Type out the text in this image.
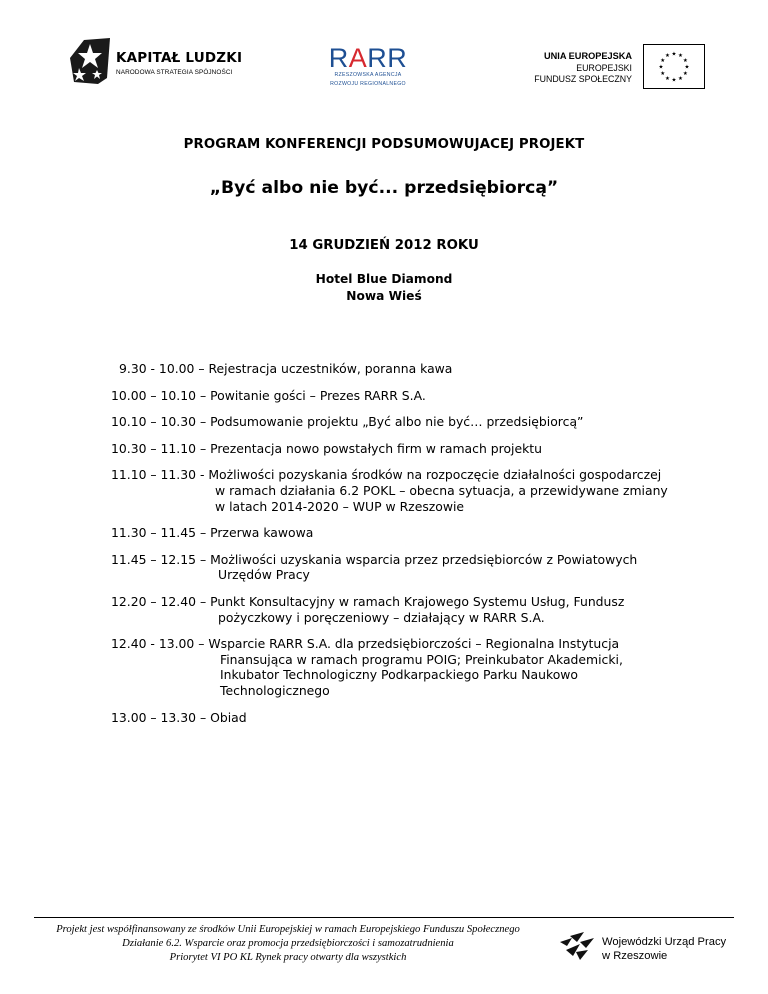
KAPITAŁ LUDZKI
NARODOWA STRATEGIA SPÓJNOŚCI	RARR
RZESZOWSKA AGENCJA
ROZWOJU REGIONALNEGO
UNIA EUROPEJSKA
EUROPEJSKI
FUNDUSZ SPOŁECZNY
★ ★
★
★
★
★
★
★
★
★
★
★
PROGRAM KONFERENCJI PODSUMOWUJACEJ PROJEKT
„Być albo nie być... przedsiębiorcą”
14 GRUDZIEŃ 2012 ROKU
Hotel Blue Diamond
Nowa Wieś
9.30 - 10.00 – Rejestracja uczestników, poranna kawa
10.00 – 10.10 – Powitanie gości – Prezes RARR S.A.
10.10 – 10.30 – Podsumowanie projektu „Być albo nie być… przedsiębiorcą”
10.30 – 11.10 – Prezentacja nowo powstałych firm w ramach projektu
11.10 – 11.30 - Możliwości pozyskania środków na rozpoczęcie działalności gospodarczej
w ramach działania 6.2 POKL – obecna sytuacja, a przewidywane zmiany
w latach 2014-2020 – WUP w Rzeszowie
11.30 – 11.45 – Przerwa kawowa
11.45 – 12.15 – Możliwości uzyskania wsparcia przez przedsiębiorców z Powiatowych
Urzędów Pracy
12.20 – 12.40 – Punkt Konsultacyjny w ramach Krajowego Systemu Usług, Fundusz
pożyczkowy i poręczeniowy – działający w RARR S.A.
12.40 - 13.00 – Wsparcie RARR S.A. dla przedsiębiorczości – Regionalna Instytucja
Finansująca w ramach programu POIG; Preinkubator Akademicki,
Inkubator Technologiczny Podkarpackiego Parku Naukowo
Technologicznego
13.00 – 13.30 – Obiad
Projekt jest współfinansowany ze środków Unii Europejskiej w ramach Europejskiego Funduszu Społecznego
Działanie 6.2. Wsparcie oraz promocja przedsiębiorczości i samozatrudnienia
Priorytet VI PO KL Rynek pracy otwarty dla wszystkich
Wojewódzki Urząd Pracy
w Rzeszowie
